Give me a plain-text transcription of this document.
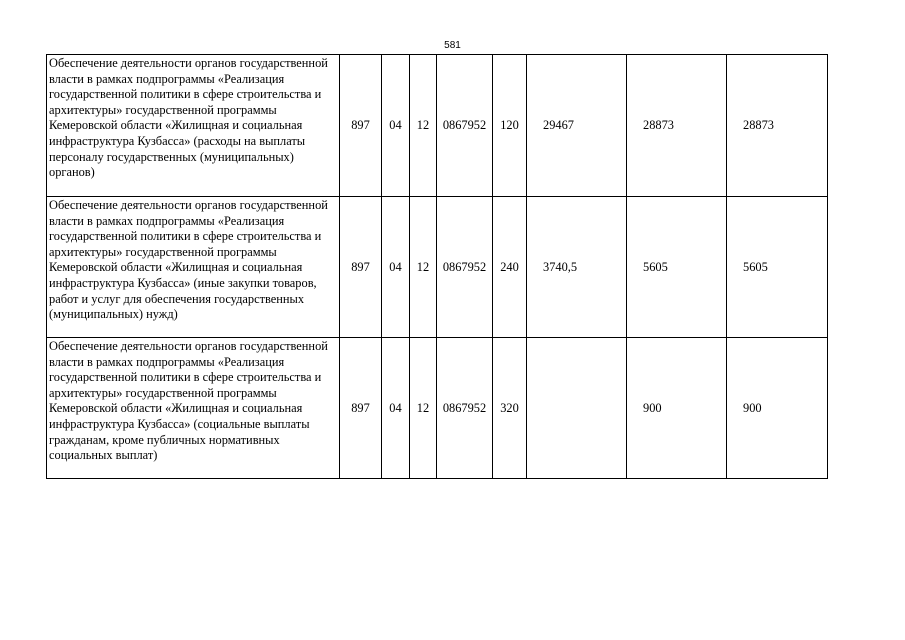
581
Обеспечение деятельности органов государственной власти в рамках подпрограммы «Реализация государственной политики в сфере строительства и архитектуры» государственной программы Кемеровской области «Жилищная и социальная инфраструктура Кузбасса» (расходы на выплаты персоналу государственных (муниципальных) органов)	897	04	12	0867952	120	29467	28873	28873
Обеспечение деятельности органов государственной власти в рамках подпрограммы «Реализация государственной политики в сфере строительства и архитектуры» государственной программы Кемеровской области «Жилищная и социальная инфраструктура Кузбасса» (иные закупки товаров, работ и услуг для обеспечения государственных (муниципальных) нужд)	897	04	12	0867952	240	3740,5	5605	5605
Обеспечение деятельности органов государственной власти в рамках подпрограммы «Реализация государственной политики в сфере строительства и архитектуры» государственной программы Кемеровской области «Жилищная и социальная инфраструктура Кузбасса» (социальные выплаты гражданам, кроме публичных нормативных социальных выплат)	897	04	12	0867952	320		900	900
